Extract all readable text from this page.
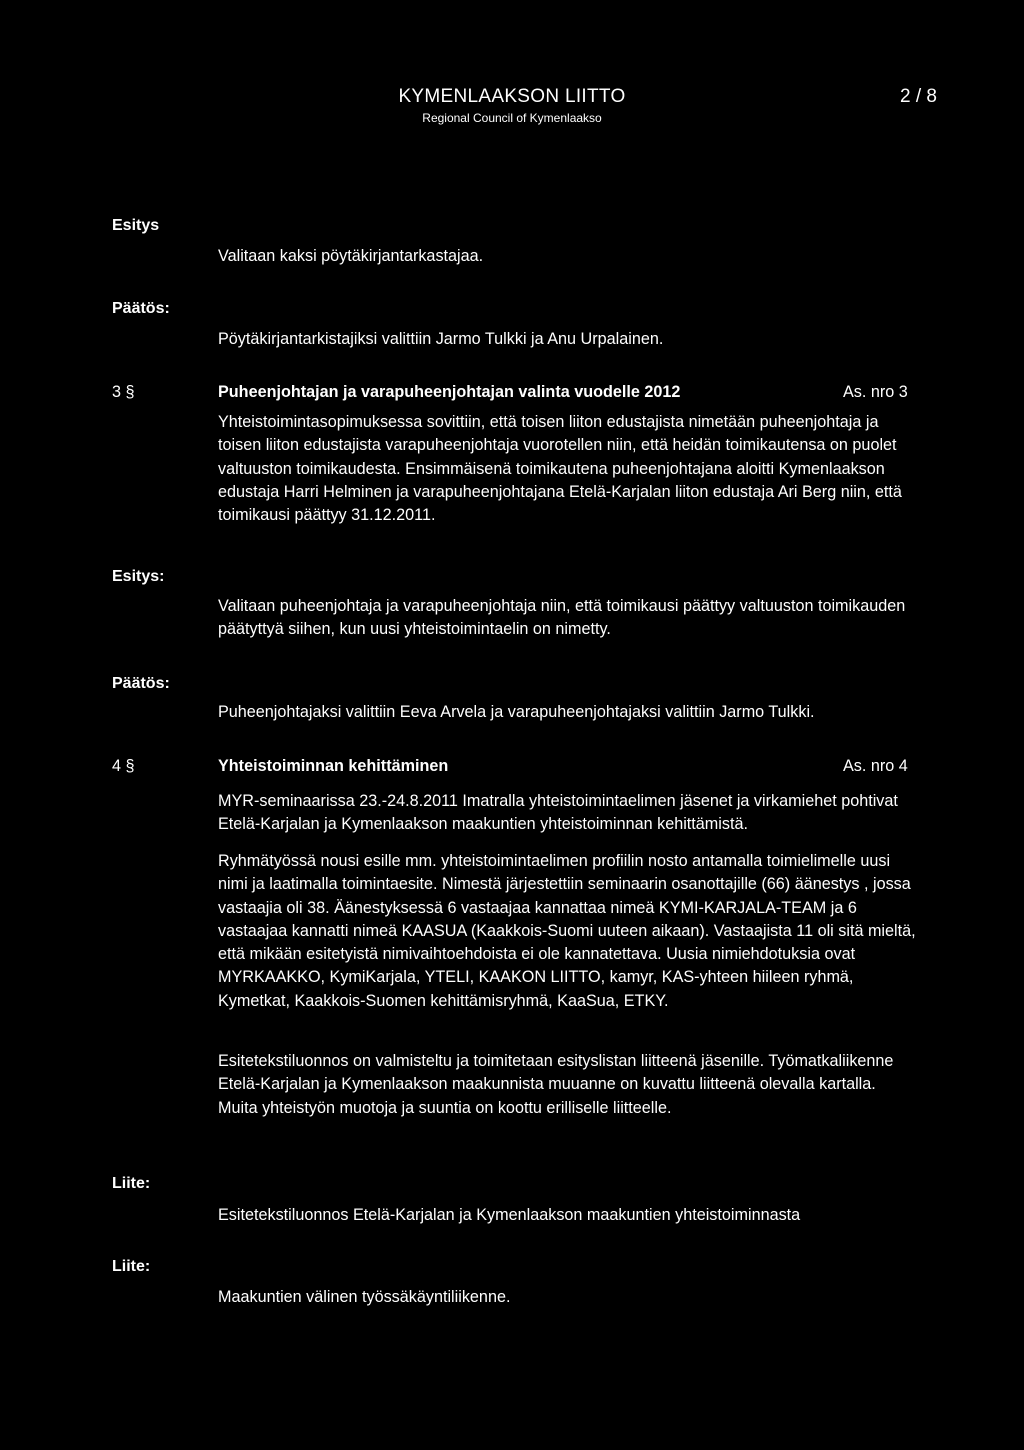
KYMENLAAKSON LIITTO
Regional Council of Kymenlaakso
2 / 8
Esitys
Valitaan kaksi pöytäkirjantarkastajaa.
Päätös:
Pöytäkirjantarkistajiksi valittiin Jarmo Tulkki ja Anu Urpalainen.
3 §	Puheenjohtajan ja varapuheenjohtajan valinta vuodelle 2012	As. nro 3
Yhteistoimintasopimuksessa sovittiin, että toisen liiton edustajista nimetään puheenjohtaja ja toisen liiton edustajista varapuheenjohtaja vuorotellen niin, että heidän toimikautensa on puolet valtuuston toimikaudesta. Ensimmäisenä toimikautena puheenjohtajana aloitti Kymenlaakson edustaja Harri Helminen ja varapuheenjohtajana Etelä-Karjalan liiton edustaja Ari Berg niin, että toimikausi päättyy 31.12.2011.
Esitys:
Valitaan puheenjohtaja ja varapuheenjohtaja niin, että toimikausi päättyy valtuuston toimikauden päätyttyä siihen, kun uusi yhteistoimintaelin on nimetty.
Päätös:
Puheenjohtajaksi valittiin Eeva Arvela ja varapuheenjohtajaksi valittiin Jarmo Tulkki.
4 §	Yhteistoiminnan kehittäminen	As. nro 4
MYR-seminaarissa 23.-24.8.2011 Imatralla yhteistoimintaelimen jäsenet ja virkamiehet pohtivat Etelä-Karjalan ja Kymenlaakson maakuntien yhteistoiminnan kehittämistä.
Ryhmätyössä nousi esille mm. yhteistoimintaelimen profiilin nosto antamalla toimielimelle uusi nimi ja laatimalla toimintaesite. Nimestä järjestettiin seminaarin osanottajille (66) äänestys , jossa vastaajia oli 38. Äänestyksessä 6 vastaajaa kannattaa nimeä KYMI-KARJALA-TEAM ja 6 vastaajaa kannatti nimeä KAASUA (Kaakkois-Suomi uuteen aikaan). Vastaajista 11 oli sitä mieltä, että mikään esitetyistä nimivaihtoehdoista ei ole kannatettava. Uusia nimiehdotuksia ovat MYRKAAKKO, KymiKarjala, YTELI, KAAKON LIITTO, kamyr, KAS-yhteen hiileen ryhmä, Kymetkat, Kaakkois-Suomen kehittämisryhmä, KaaSua, ETKY.
Esitetekstiluonnos on valmisteltu ja toimitetaan esityslistan liitteenä jäsenille. Työmatkaliikenne Etelä-Karjalan ja Kymenlaakson maakunnista muuanne on kuvattu liitteenä olevalla kartalla. Muita yhteistyön muotoja ja suuntia on koottu erilliselle liitteelle.
Liite:
Esitetekstiluonnos Etelä-Karjalan ja Kymenlaakson maakuntien yhteistoiminnasta
Liite:
Maakuntien välinen työssäkäyntiliikenne.
